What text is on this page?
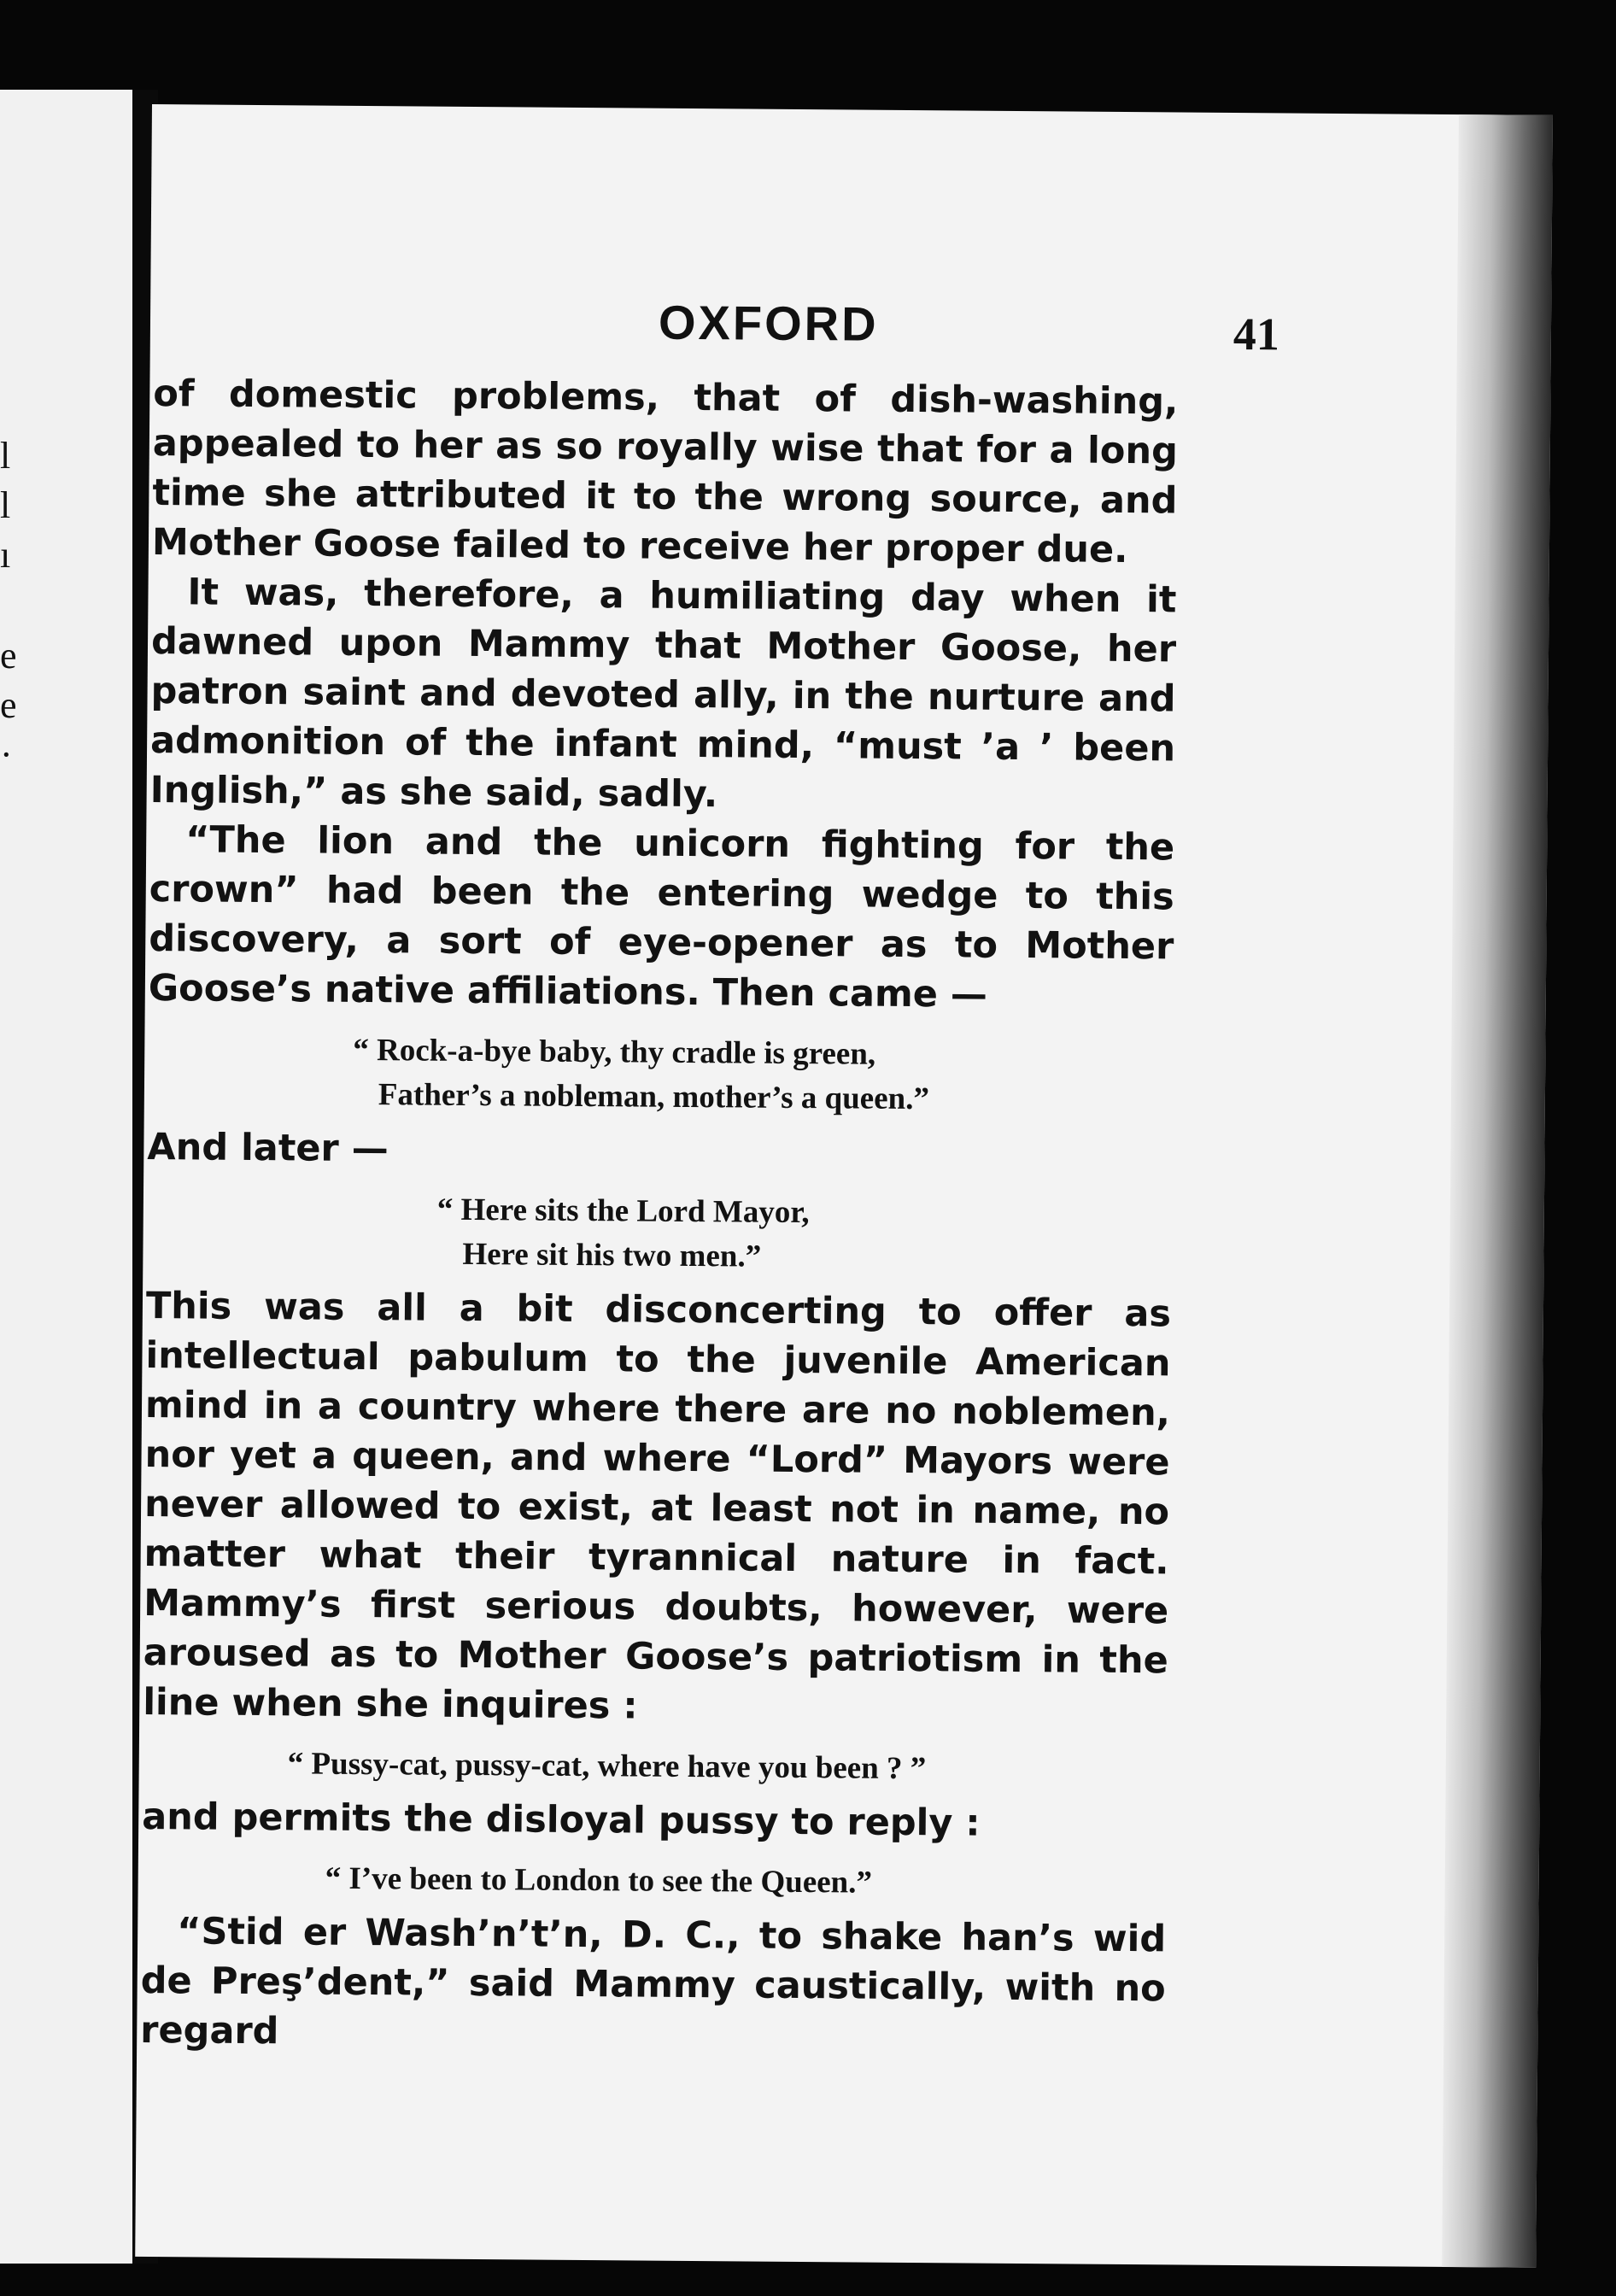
l
l
ı
e
e
·
OXFORD	41

of domestic problems, that of dish-washing, appealed to her as so royally wise that for a long time she attributed it to the wrong source, and Mother Goose failed to receive her proper due.

It was, therefore, a humiliating day when it dawned upon Mammy that Mother Goose, her patron saint and devoted ally, in the nurture and admonition of the infant mind, “must ’a ’ been Inglish,” as she said, sadly.

“The lion and the unicorn fighting for the crown” had been the entering wedge to this discovery, a sort of eye-opener as to Mother Goose’s native affiliations. Then came —

“ Rock-a-bye baby, thy cradle is green,
Father’s a nobleman, mother’s a queen.”

And later —

“ Here sits the Lord Mayor,
Here sit his two men.”

This was all a bit disconcerting to offer as intellectual pabulum to the juvenile American mind in a country where there are no noblemen, nor yet a queen, and where “Lord” Mayors were never allowed to exist, at least not in name, no matter what their tyrannical nature in fact. Mammy’s first serious doubts, however, were aroused as to Mother Goose’s patriotism in the line when she inquires :

“ Pussy-cat, pussy-cat, where have you been ? ”

and permits the disloyal pussy to reply :

“ I’ve been to London to see the Queen.”

“Stid er Wash’n’t’n, D. C., to shake han’s wid de Preş’dent,” said Mammy caustically, with no regard
